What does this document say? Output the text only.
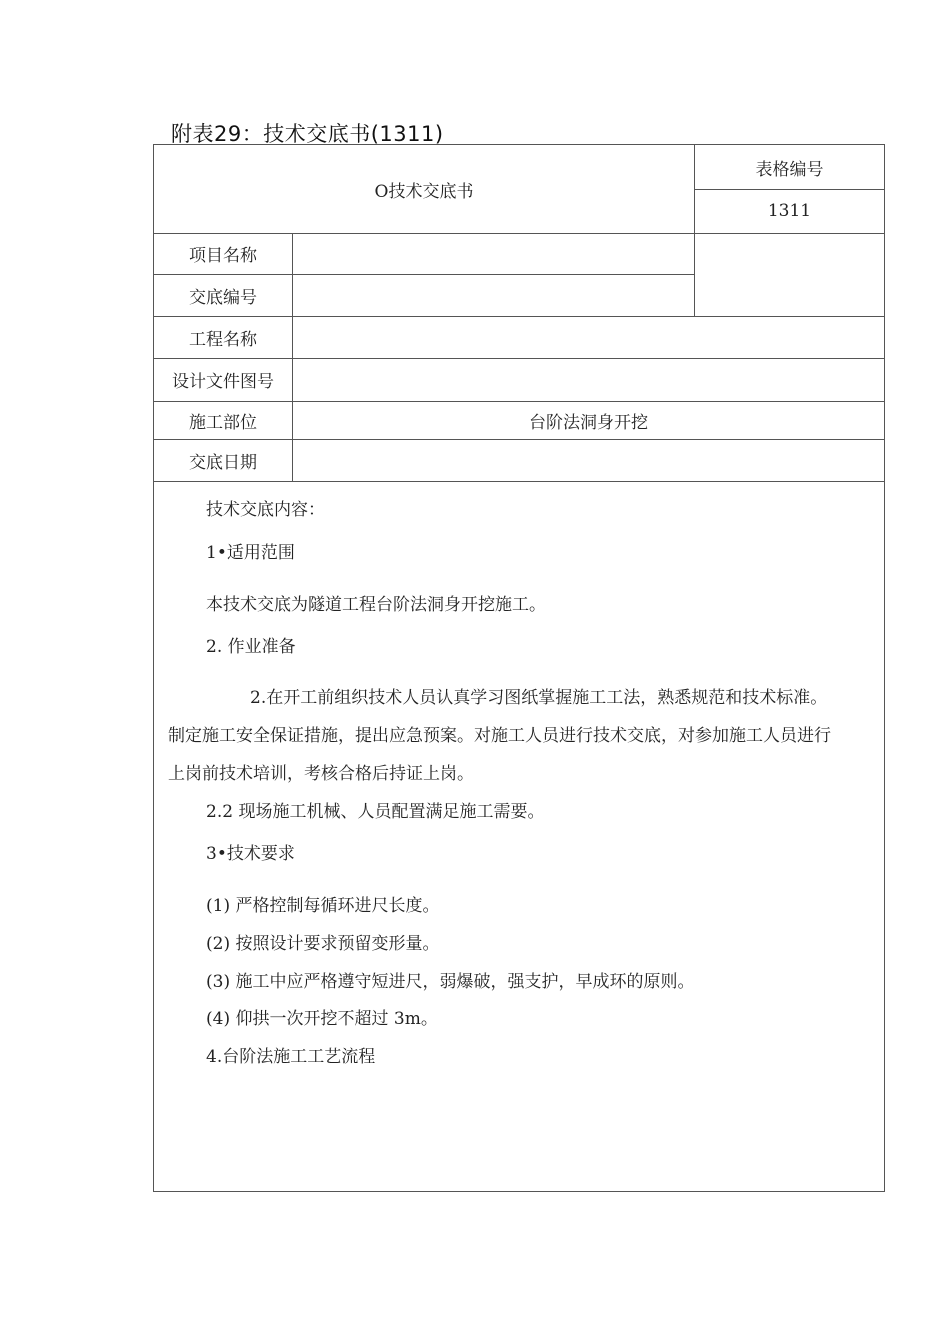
附表29：技术交底书(1311)
O技术交底书
表格编号
1311
项目名称
交底编号
工程名称
设计文件图号
施工部位
交底日期
台阶法洞身开挖
技术交底内容：
1•适用范围
本技术交底为隧道工程台阶法洞身开挖施工。
2. 作业准备
2.在开工前组织技术人员认真学习图纸掌握施工工法，熟悉规范和技术标准。
制定施工安全保证措施，提出应急预案。对施工人员进行技术交底，对参加施工人员进行
上岗前技术培训，考核合格后持证上岗。
2.2 现场施工机械、人员配置满足施工需要。
3•技术要求
(1) 严格控制每循环进尺长度。
(2) 按照设计要求预留变形量。
(3) 施工中应严格遵守短进尺，弱爆破，强支护，早成环的原则。
(4) 仰拱一次开挖不超过 3m。
4.台阶法施工工艺流程
